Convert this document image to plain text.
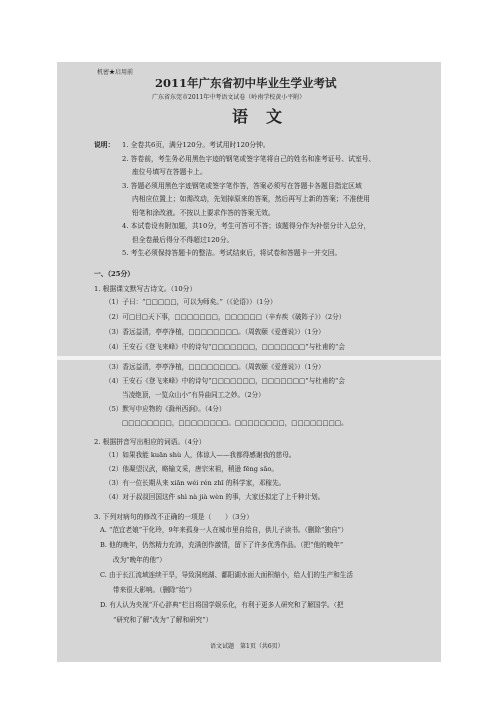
机密★启用前
2011年广东省初中毕业生学业考试
广东省东莞市2011年中考语文试卷（岭南学校黄小平附）
语文
说明： 1. 全卷共6页，满分120分。考试用时120分钟。
2. 答卷前，考生务必用黑色字迹的钢笔或签字笔将自己的姓名和准考证号、试室号、
座位号填写在答题卡上。
3. 答题必须用黑色字迹钢笔或签字笔作答，答案必须写在答题卡各题目指定区域
内相应位置上；如需改动，先划掉原来的答案，然后再写上新的答案；不准使用
铅笔和涂改液。不按以上要求作答的答案无效。
4. 本试卷设有附加题，共10分，考生可答可不答；该题得分作为补偿分计入总分，
但全卷最后得分不得超过120分。
5. 考生必须保持答题卡的整洁。考试结束后，将试卷和答题卡一并交回。
一、（25分）
1. 根据课文默写古诗文。（10分）
（1）子曰：“□□□□□，可以为师矣。”（《论语》）（1分）
（2）可□目□天下事，□□□□□□□，□□□□□□（辛弃疾《破阵子》）（2分）
（3）香远益清，亭亭净植，□□□□□□□□。（周敦颐《爱莲说》）（1分）
（4）王安石《登飞来峰》中的诗句“□□□□□□□，□□□□□□□”与杜甫的“会
（3）香远益清，亭亭净植，□□□□□□□□。（周敦颐《爱莲说》）（1分）
（4）王安石《登飞来峰》中的诗句“□□□□□□□，□□□□□□□”与杜甫的“会
当凌绝顶，一览众山小”有异曲同工之妙。（2分）
（5）默写申应物的《滁州西涧》。（4分）
□□□□□□□□，□□□□□□□□。□□□□□□□□，□□□□□□□□。
2. 根据拼音写出相应的词语。（4分）
（1）如果我能 kuān shù 人，体谅人——我都得感谢我的慈母。
（2）他凝望汉武，略输文采，唐宗宋祖，稍逊 fēng sāo。
（3）有一位长期从来 xiān wéi rén zhī 的科学家，邓稼先。
（4）对于叔叔回国这件 shì nà jià wèn 的事，大家还拟定了上千种计划。
3. 下列对病句的修改不正确的一项是（　　）（3分）
A. “范宜老娘”干化玲，9年来孤身一人在城市里自给自，供儿子读书。（删除“独自”）
B. 他的晚年，仍然精力充沛，充满创作激情，留下了许多优秀作品。（把“他的晚年”
改为“晚年的他”）
C. 由于长江流域连续干旱，导致洞庭湖、鄱阳湖水面大面积缩小，给人们的生产和生活
带来很大影响。（删除“给”）
D. 有人认为央视“开心辞典”栏目将国学娱乐化，有利于更多人研究和了解国学。（把
“研究和了解”改为“了解和研究”）
语文试题　第1页（共6页）
